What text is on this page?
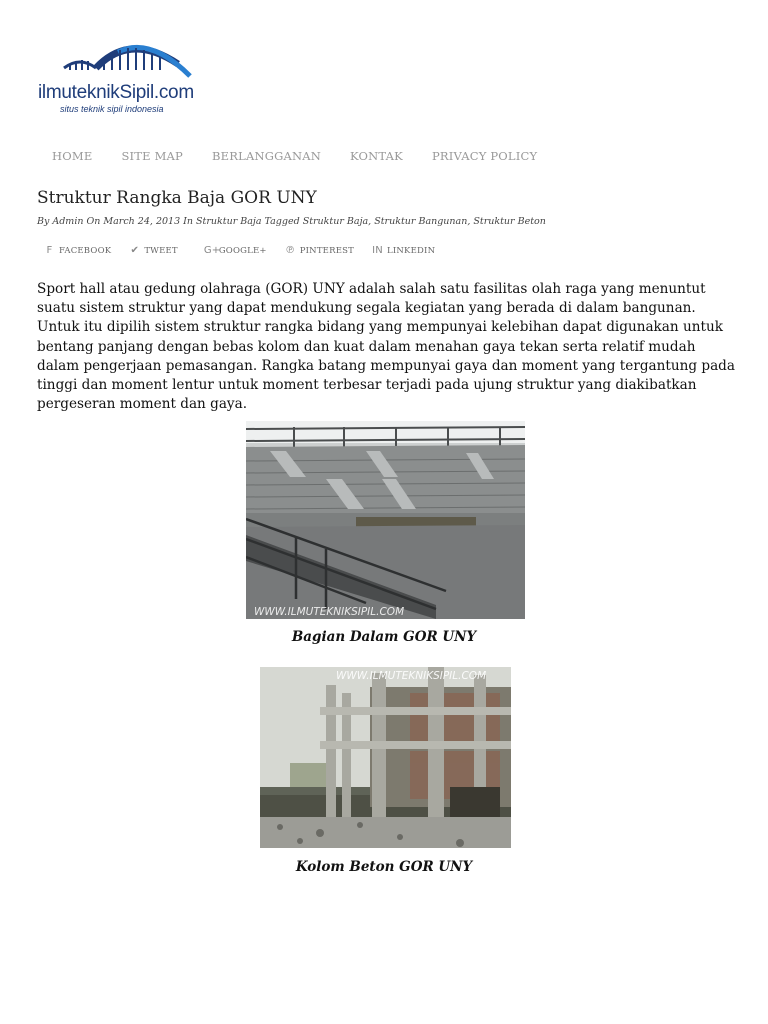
ilmuteknikSipil.com
situs teknik sipil indonesia
HOME	SITE MAP	BERLANGGANAN	KONTAK	PRIVACY POLICY
Struktur Rangka Baja GOR UNY
By Admin On March 24, 2013 In Struktur Baja Tagged Struktur Baja, Struktur Bangunan, Struktur Beton
F FACEBOOK ✔ TWEET	G+
GOOGLE+ ℗ PINTEREST IN LINKEDIN

Sport hall atau gedung olahraga (GOR) UNY adalah salah satu fasilitas olah raga yang menuntut suatu sistem struktur yang dapat mendukung segala kegiatan yang berada di dalam bangunan. Untuk itu dipilih sistem struktur rangka bidang yang mempunyai kelebihan dapat digunakan untuk bentang panjang dengan bebas kolom dan kuat dalam menahan gaya tekan serta relatif mudah dalam pengerjaan pemasangan. Rangka batang mempunyai gaya dan moment yang tergantung pada tinggi dan moment lentur untuk moment terbesar terjadi pada ujung struktur yang diakibatkan pergeseran moment dan gaya.

WWW.ILMUTEKNIKSIPIL.COM
Bagian Dalam GOR UNY
WWW.ILMUTEKNIKSIPIL.COM
Kolom Beton GOR UNY
